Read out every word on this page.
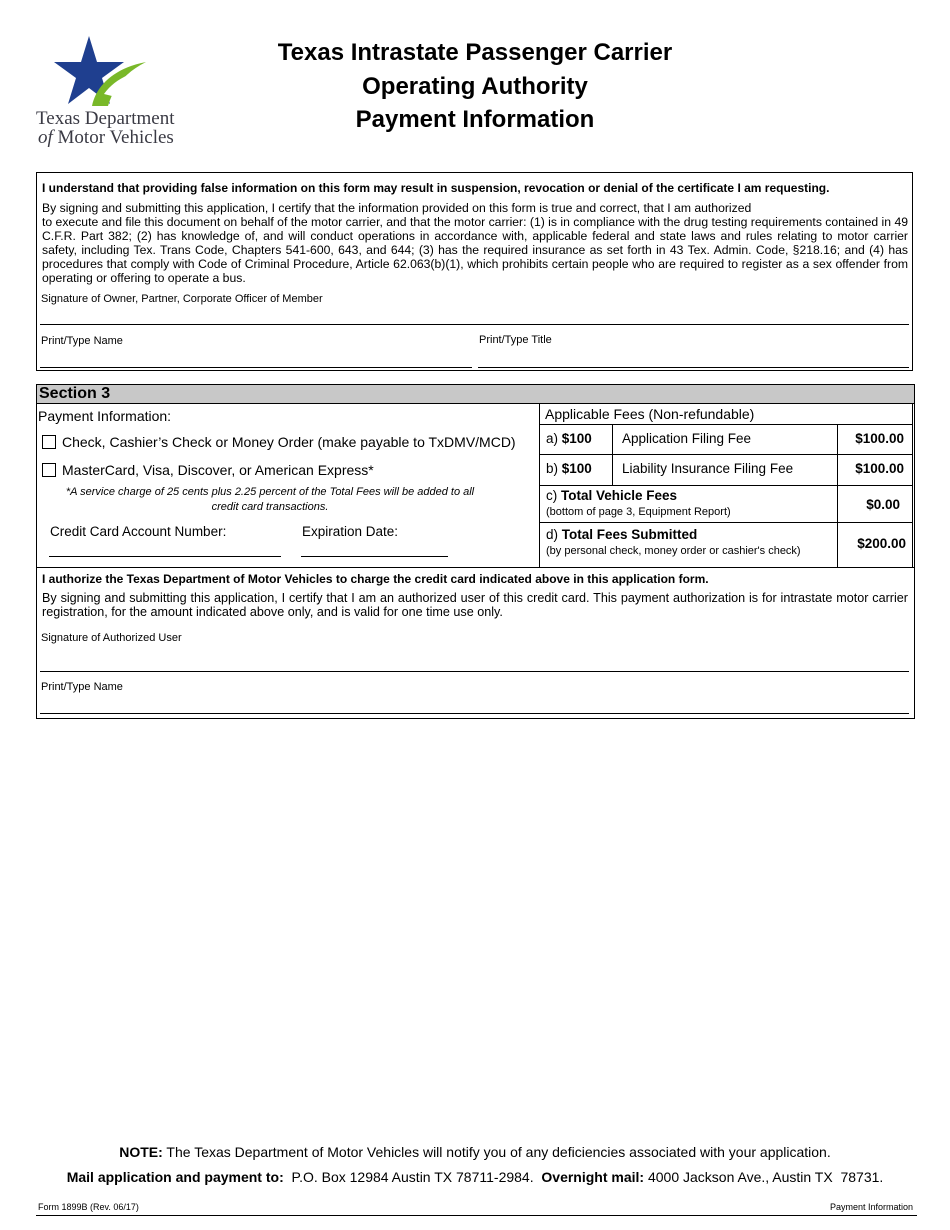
Texas Department
of Motor Vehicles
Texas Intrastate Passenger Carrier
Operating Authority
Payment Information
I understand that providing false information on this form may result in suspension, revocation or denial of the certificate I am requesting.
By signing and submitting this application, I certify that the information provided on this form is true and correct, that I am authorized
to execute and file this document on behalf of the motor carrier, and that the motor carrier: (1) is in compliance with the drug testing requirements contained in 49 C.F.R. Part 382; (2) has knowledge of, and will conduct operations in accordance with, applicable federal and state laws and rules relating to motor carrier safety, including Tex. Trans Code, Chapters 541-600, 643, and 644; (3) has the required insurance as set forth in 43 Tex. Admin. Code, §218.16; and (4) has procedures that comply with Code of Criminal Procedure, Article 62.063(b)(1), which prohibits certain people who are required to register as a sex offender from operating or offering to operate a bus.
Signature of Owner, Partner, Corporate Officer of Member
Print/Type Name	Print/Type Title
Section 3
Payment Information:
Check, Cashier’s Check or Money Order (make payable to TxDMV/MCD)
MasterCard, Visa, Discover, or American Express*
*A service charge of 25 cents plus 2.25 percent of the Total Fees will be added to all
credit card transactions.
Credit Card Account Number:	Expiration Date:
Applicable Fees (Non-refundable)
a) $100 Application Filing Fee	$100.00
b) $100 Liability Insurance Filing Fee	$100.00
c) Total Vehicle Fees
(bottom of page 3, Equipment Report)	$0.00
d) Total Fees Submitted
(by personal check, money order or cashier's check)	$200.00
I authorize the Texas Department of Motor Vehicles to charge the credit card indicated above in this application form.
By signing and submitting this application, I certify that I am an authorized user of this credit card. This payment authorization is for intrastate motor carrier registration, for the amount indicated above only, and is valid for one time use only.
Signature of Authorized User
Print/Type Name
NOTE: The Texas Department of Motor Vehicles will notify you of any deficiencies associated with your application.
Mail application and payment to:  P.O. Box 12984 Austin TX 78711-2984.  Overnight mail: 4000 Jackson Ave., Austin TX  78731.
Form 1899B (Rev. 06/17)	Payment Information
